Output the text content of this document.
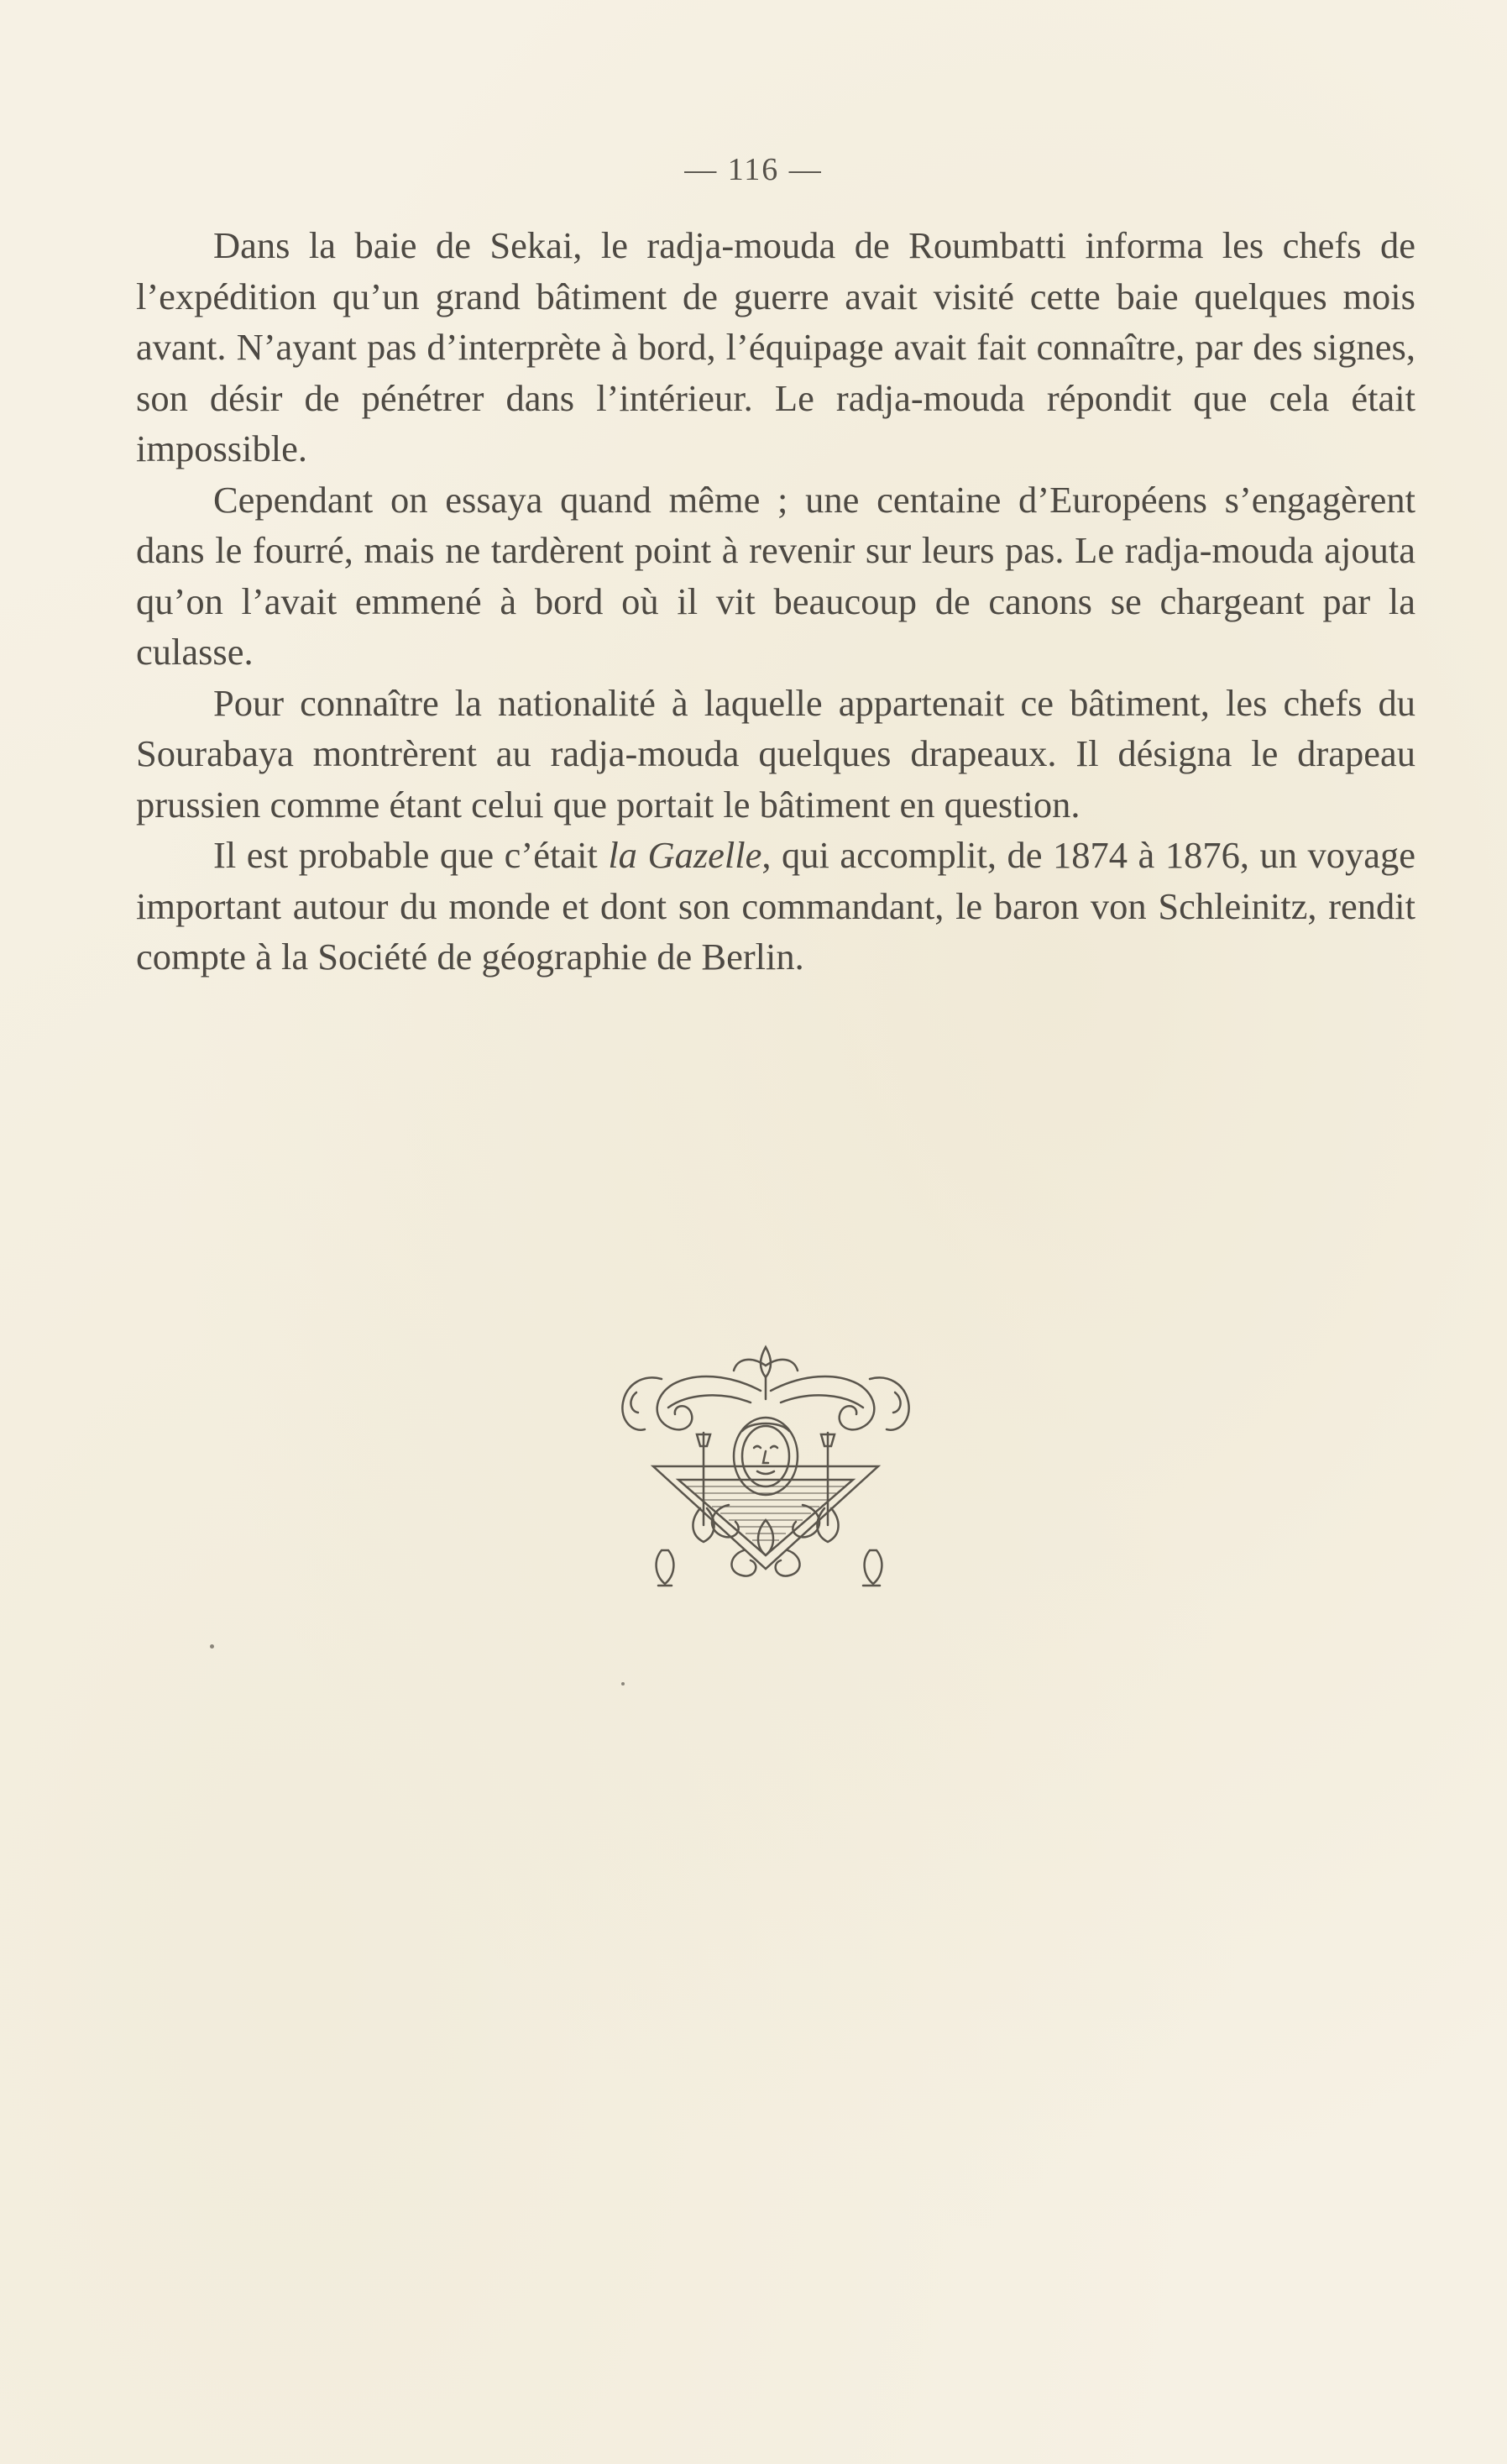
— 116 —

Dans la baie de Sekai, le radja-mouda de Roumbatti informa les chefs de l’expédition qu’un grand bâtiment de guerre avait visité cette baie quelques mois avant. N’ayant pas d’interprète à bord, l’équipage avait fait connaître, par des signes, son désir de pénétrer dans l’intérieur. Le radja-mouda répondit que cela était impossible.

Cependant on essaya quand même ; une centaine d’Européens s’engagèrent dans le fourré, mais ne tardèrent point à revenir sur leurs pas. Le radja-mouda ajouta qu’on l’avait emmené à bord où il vit beaucoup de canons se chargeant par la culasse.

Pour connaître la nationalité à laquelle appartenait ce bâtiment, les chefs du Sourabaya montrèrent au radja-mouda quelques drapeaux. Il désigna le drapeau prussien comme étant celui que portait le bâtiment en question.

Il est probable que c’était la Gazelle, qui accomplit, de 1874 à 1876, un voyage important autour du monde et dont son commandant, le baron von Schleinitz, rendit compte à la Société de géographie de Berlin.
